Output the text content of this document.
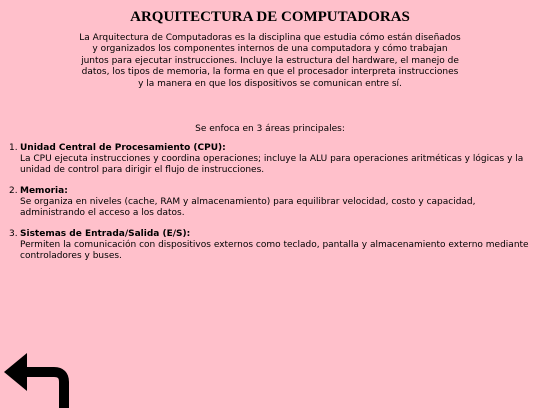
ARQUITECTURA DE COMPUTADORAS

La Arquitectura de Computadoras es la disciplina que estudia cómo están diseñados y organizados los componentes internos de una computadora y cómo trabajan juntos para ejecutar instrucciones. Incluye la estructura del hardware, el manejo de datos, los tipos de memoria, la forma en que el procesador interpreta instrucciones y la manera en que los dispositivos se comunican entre sí.

Se enfoca en 3 áreas principales:

1. Unidad Central de Procesamiento (CPU):
La CPU ejecuta instrucciones y coordina operaciones; incluye la ALU para operaciones aritméticas y lógicas y la unidad de control para dirigir el flujo de instrucciones.
2. Memoria:
Se organiza en niveles (cache, RAM y almacenamiento) para equilibrar velocidad, costo y capacidad, administrando el acceso a los datos.
3. Sistemas de Entrada/Salida (E/S):
Permiten la comunicación con dispositivos externos como teclado, pantalla y almacenamiento externo mediante controladores y buses.
